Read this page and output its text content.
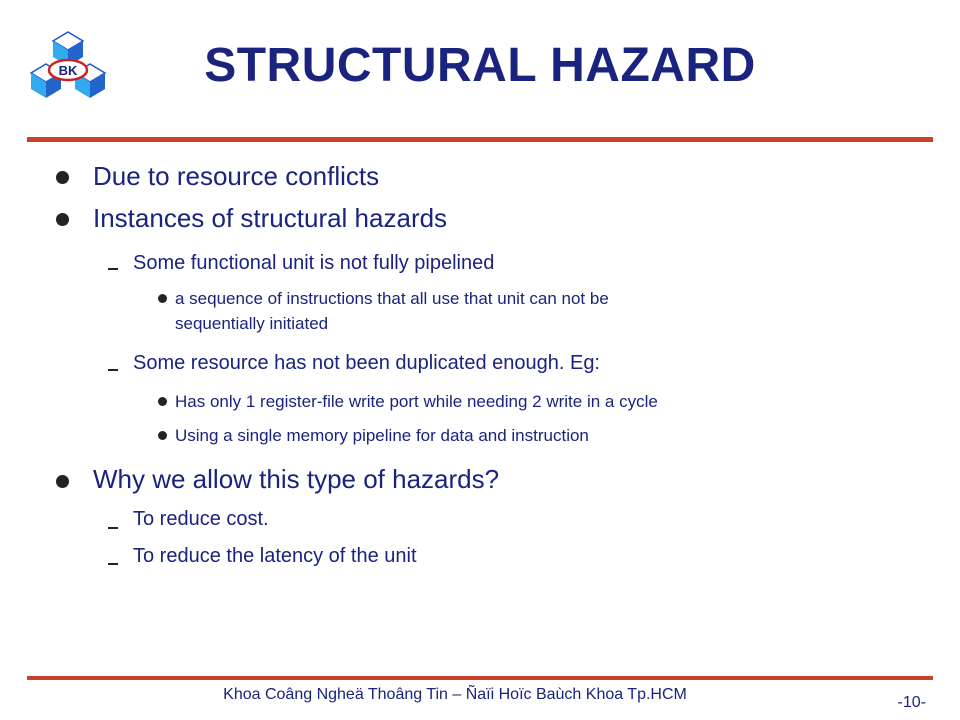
BK	STRUCTURAL HAZARD
Due to resource conflicts
Instances of structural hazards
Some functional unit is not fully pipelined
a sequence of instructions that all use that unit can not be
sequentially initiated
Some resource has not been duplicated enough. Eg:
Has only 1 register-file write port while needing 2 write in a cycle
Using a single memory pipeline for data and instruction
Why we allow this type of hazards?
To reduce cost.
To reduce the latency of the unit
Khoa Coâng Ngheä Thoâng Tin – Ñaïi Hoïc Baùch Khoa Tp.HCM	-10-
